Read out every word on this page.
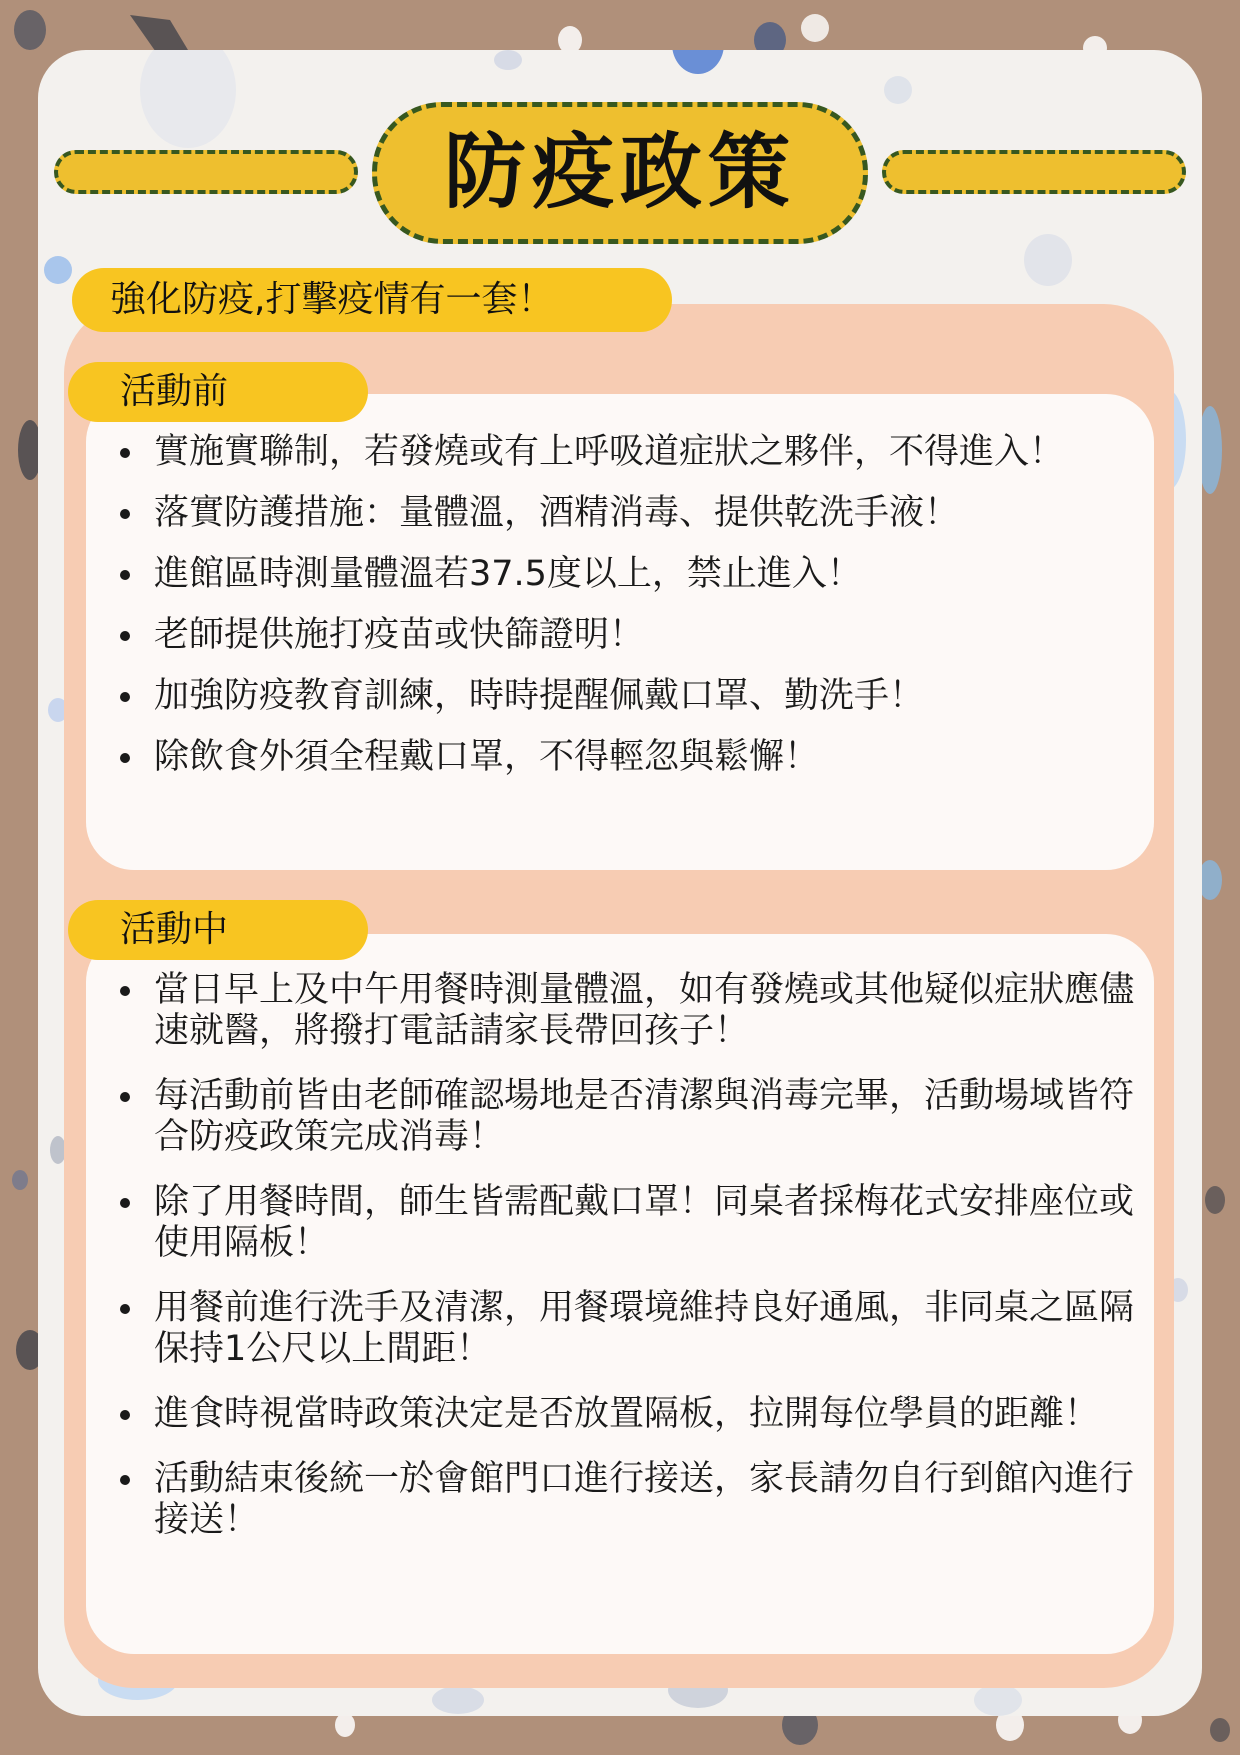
防疫政策
強化防疫,打擊疫情有一套！
活動前
實施實聯制，若發燒或有上呼吸道症狀之夥伴，不得進入！
落實防護措施：量體溫，酒精消毒、提供乾洗手液！
進館區時測量體溫若37.5度以上，禁止進入！
老師提供施打疫苗或快篩證明！
加強防疫教育訓練，時時提醒佩戴口罩、勤洗手！
除飲食外須全程戴口罩，不得輕忽與鬆懈！
活動中
當日早上及中午用餐時測量體溫，如有發燒或其他疑似症狀應儘速就醫，將撥打電話請家長帶回孩子！
每活動前皆由老師確認場地是否清潔與消毒完畢，活動場域皆符合防疫政策完成消毒！
除了用餐時間，師生皆需配戴口罩！同桌者採梅花式安排座位或使用隔板！
用餐前進行洗手及清潔，用餐環境維持良好通風，非同桌之區隔保持1公尺以上間距！
進食時視當時政策決定是否放置隔板，拉開每位學員的距離！
活動結束後統一於會館門口進行接送，家長請勿自行到館內進行接送！
